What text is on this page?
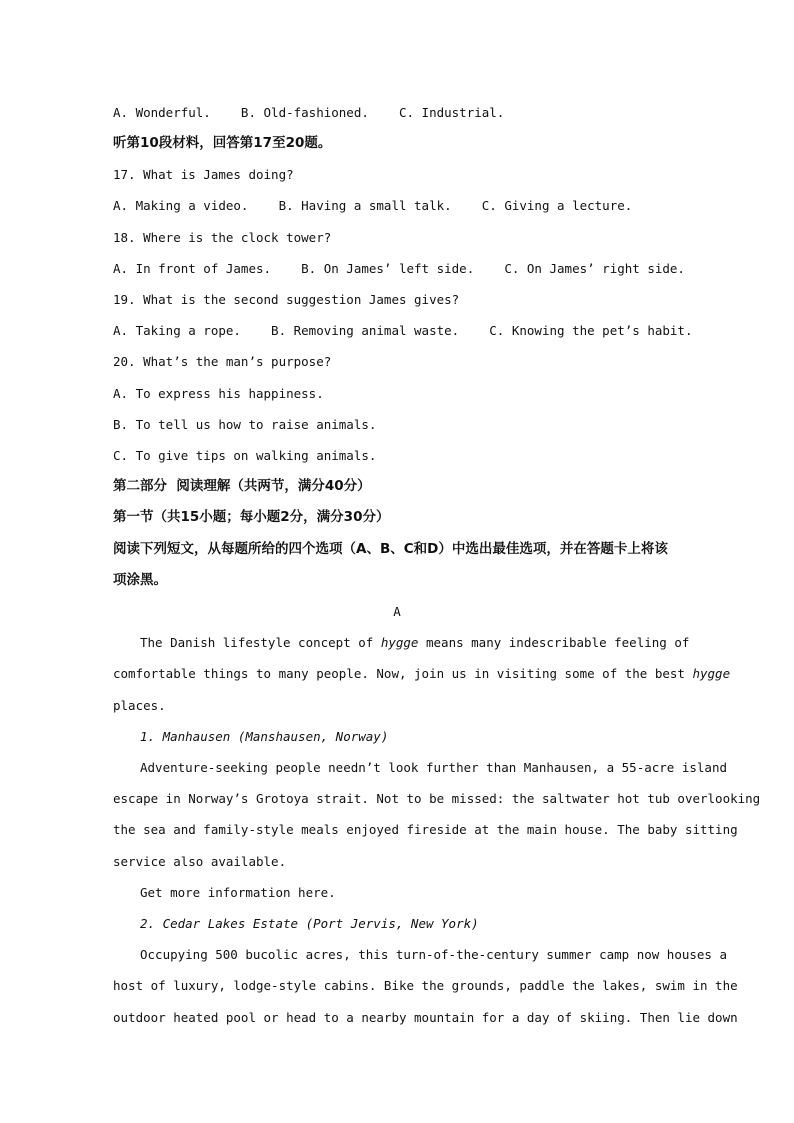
A. Wonderful.    B. Old-fashioned.    C. Industrial.
听第10段材料，回答第17至20题。
17. What is James doing?
A. Making a video.    B. Having a small talk.    C. Giving a lecture.
18. Where is the clock tower?
A. In front of James.    B. On James’ left side.    C. On James’ right side.
19. What is the second suggestion James gives?
A. Taking a rope.    B. Removing animal waste.    C. Knowing the pet’s habit.
20. What’s the man’s purpose?
A. To express his happiness.
B. To tell us how to raise animals.
C. To give tips on walking animals.
第二部分  阅读理解（共两节，满分40分）
第一节（共15小题；每小题2分，满分30分）
阅读下列短文，从每题所给的四个选项（A、B、C和D）中选出最佳选项，并在答题卡上将该
项涂黑。
A
The Danish lifestyle concept of hygge means many indescribable feeling of
comfortable things to many people. Now, join us in visiting some of the best hygge
places.
1. Manhausen (Manshausen, Norway)
Adventure-seeking people needn’t look further than Manhausen, a 55-acre island
escape in Norway’s Grotoya strait. Not to be missed: the saltwater hot tub overlooking
the sea and family-style meals enjoyed fireside at the main house. The baby sitting
service also available.
Get more information here.
2. Cedar Lakes Estate (Port Jervis, New York)
Occupying 500 bucolic acres, this turn-of-the-century summer camp now houses a
host of luxury, lodge-style cabins. Bike the grounds, paddle the lakes, swim in the
outdoor heated pool or head to a nearby mountain for a day of skiing. Then lie down
